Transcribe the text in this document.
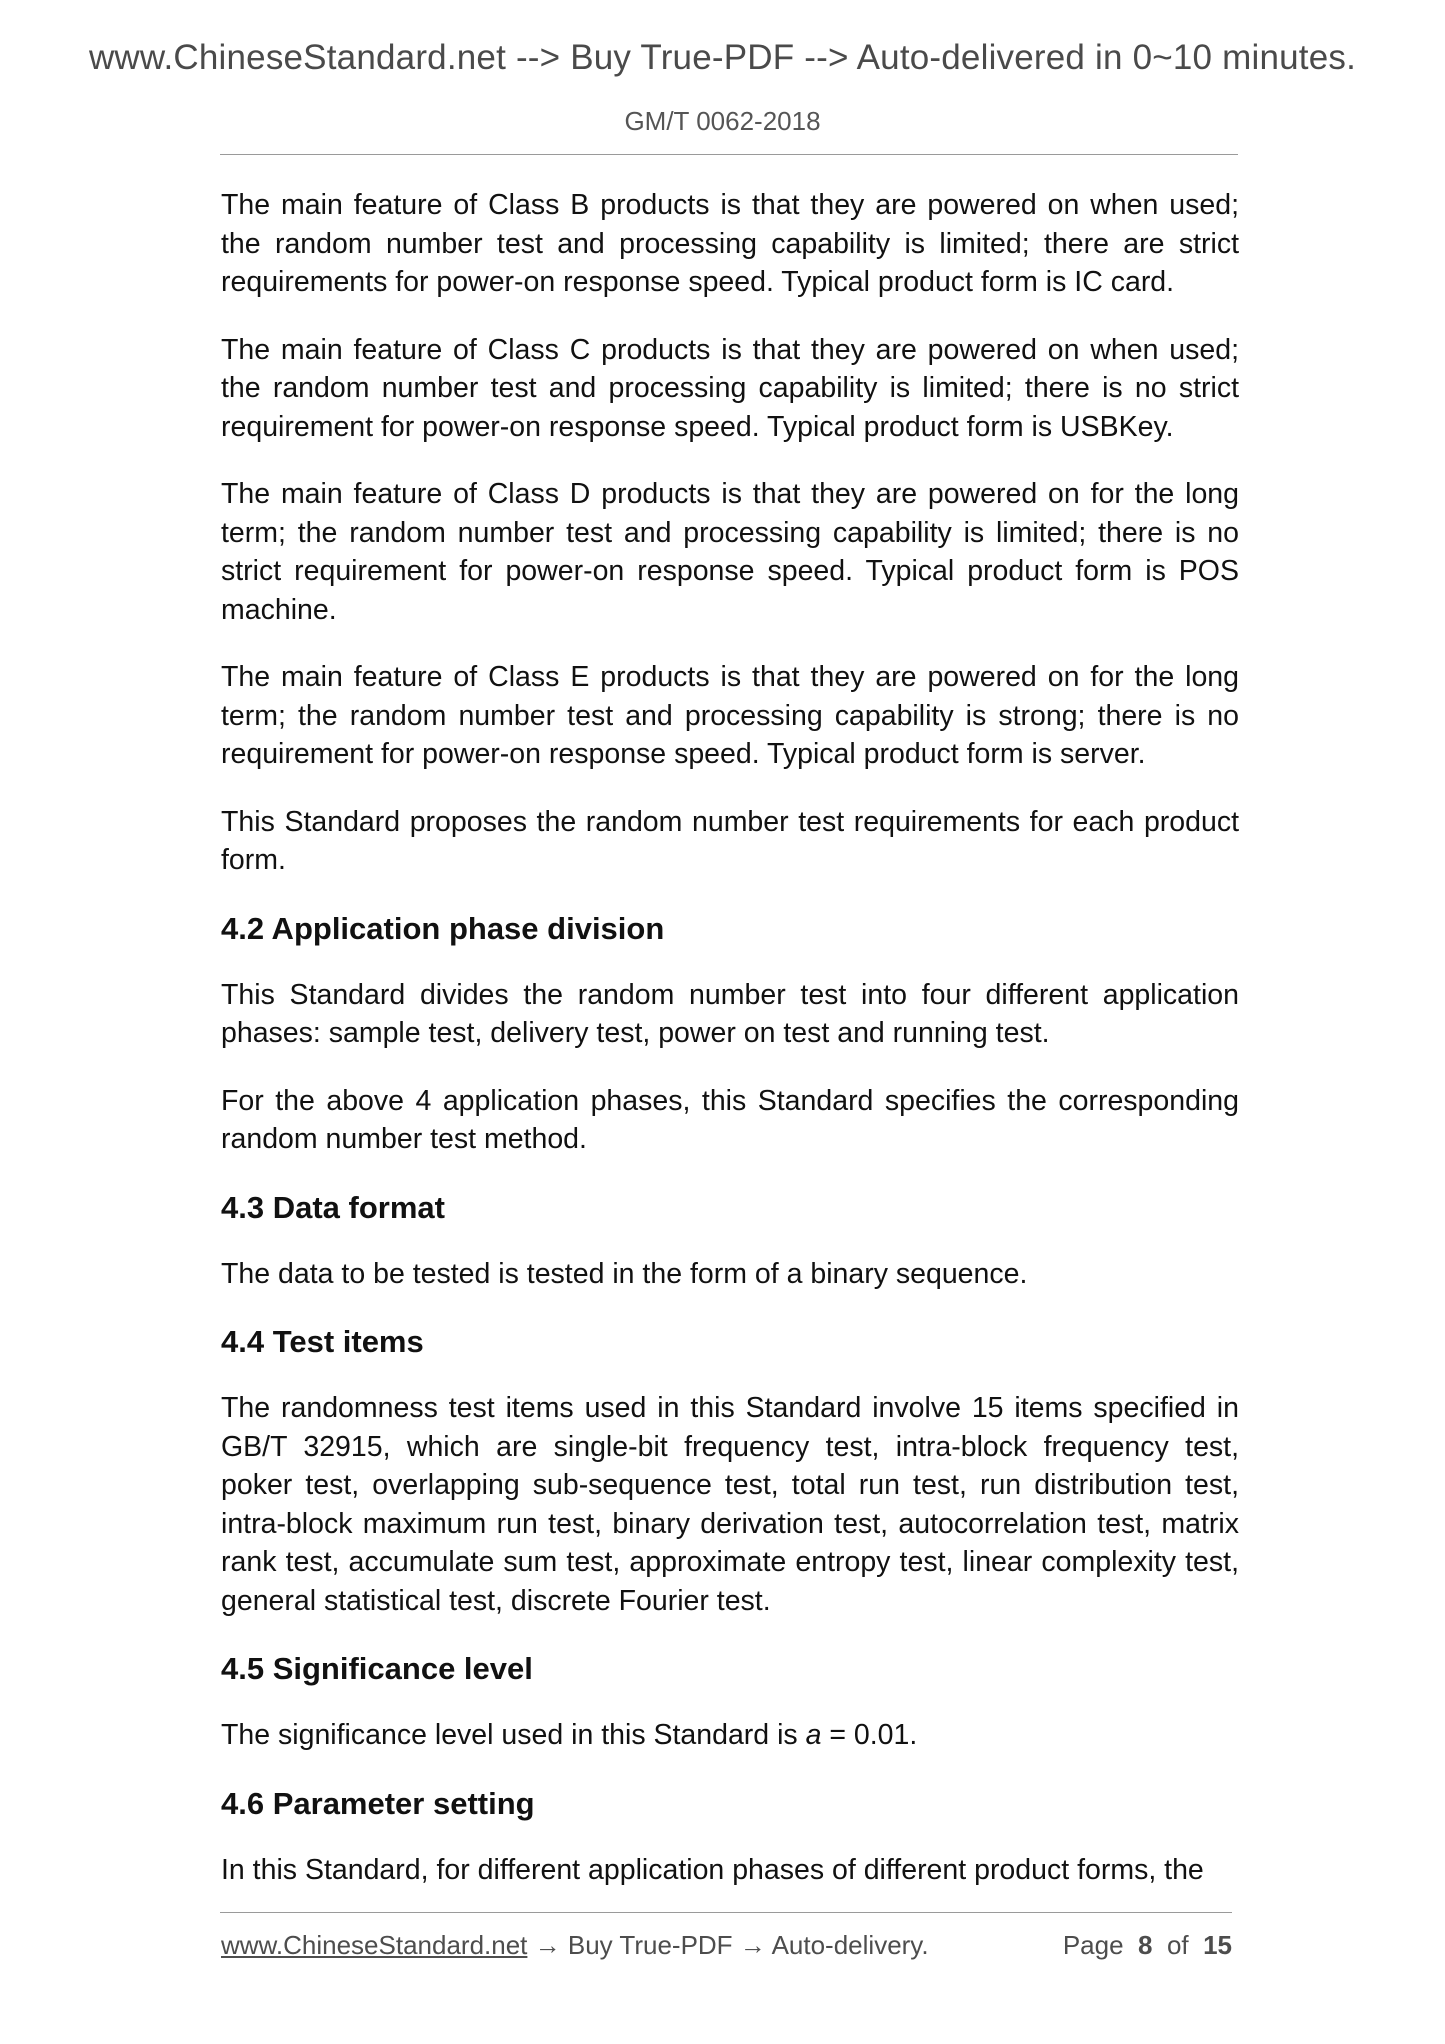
www.ChineseStandard.net --> Buy True-PDF --> Auto-delivered in 0~10 minutes.
GM/T 0062-2018

The main feature of Class B products is that they are powered on when used; the random number test and processing capability is limited; there are strict requirements for power-on response speed. Typical product form is IC card.

The main feature of Class C products is that they are powered on when used; the random number test and processing capability is limited; there is no strict requirement for power-on response speed. Typical product form is USBKey.

The main feature of Class D products is that they are powered on for the long term; the random number test and processing capability is limited; there is no strict requirement for power-on response speed. Typical product form is POS machine.

The main feature of Class E products is that they are powered on for the long term; the random number test and processing capability is strong; there is no requirement for power-on response speed. Typical product form is server.

This Standard proposes the random number test requirements for each product form.

4.2 Application phase division

This Standard divides the random number test into four different application phases: sample test, delivery test, power on test and running test.

For the above 4 application phases, this Standard specifies the corresponding random number test method.

4.3 Data format

The data to be tested is tested in the form of a binary sequence.

4.4 Test items

The randomness test items used in this Standard involve 15 items specified in GB/T 32915, which are single-bit frequency test, intra-block frequency test, poker test, overlapping sub-sequence test, total run test, run distribution test, intra-block maximum run test, binary derivation test, autocorrelation test, matrix rank test, accumulate sum test, approximate entropy test, linear complexity test, general statistical test, discrete Fourier test.

4.5 Significance level

The significance level used in this Standard is a = 0.01.

4.6 Parameter setting

In this Standard, for different application phases of different product forms, the

www.ChineseStandard.net → Buy True-PDF → Auto-delivery.	Page 8 of 15
